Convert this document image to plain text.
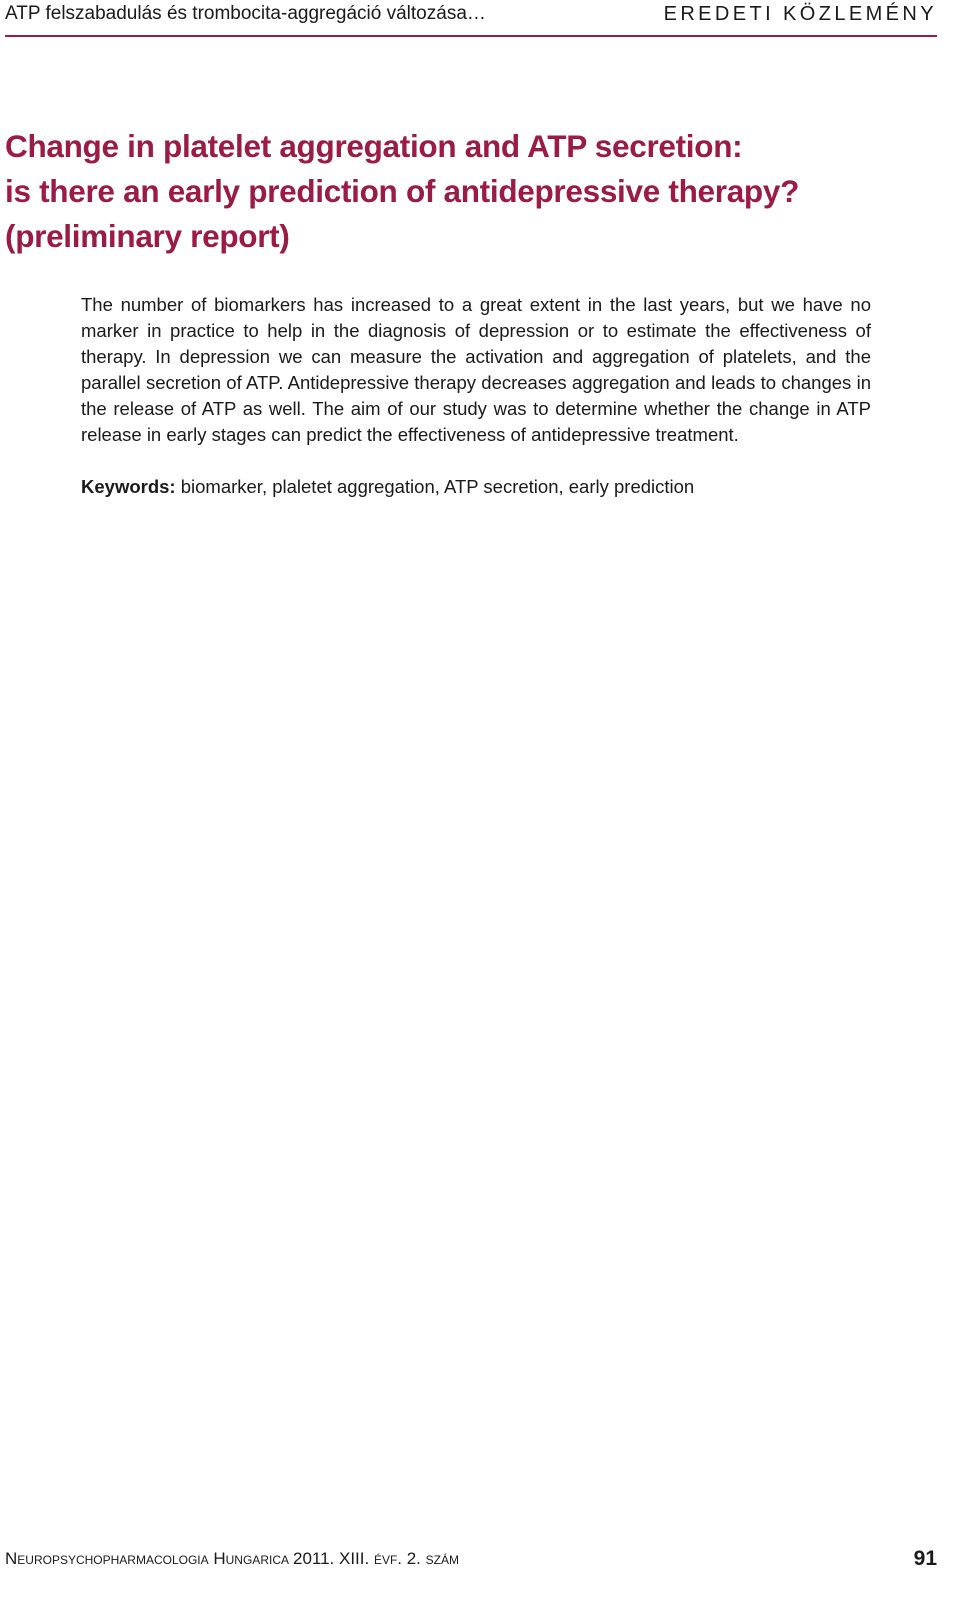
ATP felszabadulás és trombocita-aggregáció változása…	EREDETI KÖZLEMÉNY
Change in platelet aggregation and ATP secretion:
is there an early prediction of antidepressive therapy?
(preliminary report)

The number of biomarkers has increased to a great extent in the last years, but we have no marker in practice to help in the diagnosis of depression or to estimate the effectiveness of therapy. In depression we can measure the activation and aggregation of platelets, and the parallel secretion of ATP. Antidepressive therapy decreases aggregation and leads to changes in the release of ATP as well. The aim of our study was to determine whether the change in ATP release in early stages can predict the effectiveness of antidepressive treatment.

Keywords: biomarker, plaletet aggregation, ATP secretion, early prediction

Neuropsychopharmacologia Hungarica 2011. XIII. évf. 2. szám	91
